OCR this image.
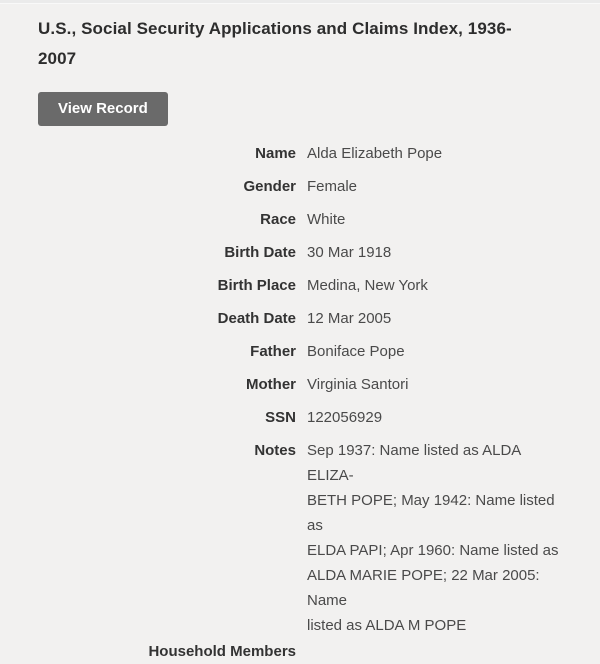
U.S., Social Security Applications and Claims Index, 1936-
2007
View Record
Name Alda Elizabeth Pope
Gender Female
Race White
Birth Date 30 Mar 1918
Birth Place Medina, New York
Death Date 12 Mar 2005
Father Boniface Pope
Mother Virginia Santori
SSN 122056929
Notes Sep 1937: Name listed as ALDA ELIZA-
BETH POPE; May 1942: Name listed as
ELDA PAPI; Apr 1960: Name listed as
ALDA MARIE POPE; 22 Mar 2005: Name
listed as ALDA M POPE
Household Members
